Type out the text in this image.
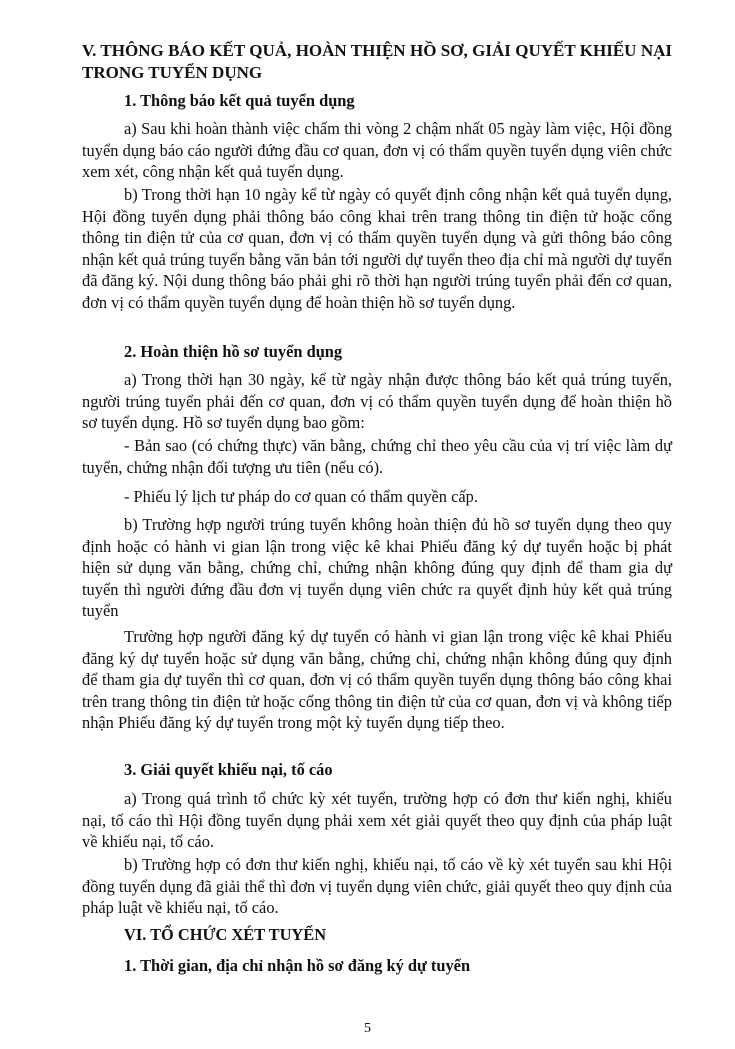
V. THÔNG BÁO KẾT QUẢ, HOÀN THIỆN HỒ SƠ, GIẢI QUYẾT KHIẾU NẠI TRONG TUYỂN DỤNG

1. Thông báo kết quả tuyển dụng

a) Sau khi hoàn thành việc chấm thi vòng 2 chậm nhất 05 ngày làm việc, Hội đồng tuyển dụng báo cáo người đứng đầu cơ quan, đơn vị có thẩm quyền tuyển dụng viên chức xem xét, công nhận kết quả tuyển dụng.

b) Trong thời hạn 10 ngày kể từ ngày có quyết định công nhận kết quả tuyển dụng, Hội đồng tuyển dụng phải thông báo công khai trên trang thông tin điện tử hoặc cổng thông tin điện tử của cơ quan, đơn vị có thẩm quyền tuyển dụng và gửi thông báo công nhận kết quả trúng tuyển bằng văn bản tới người dự tuyển theo địa chỉ mà người dự tuyển đã đăng ký. Nội dung thông báo phải ghi rõ thời hạn người trúng tuyển phải đến cơ quan, đơn vị có thẩm quyền tuyển dụng để hoàn thiện hồ sơ tuyển dụng.

2. Hoàn thiện hồ sơ tuyển dụng

a) Trong thời hạn 30 ngày, kể từ ngày nhận được thông báo kết quả trúng tuyển, người trúng tuyển phải đến cơ quan, đơn vị có thẩm quyền tuyển dụng để hoàn thiện hồ sơ tuyển dụng. Hồ sơ tuyển dụng bao gồm:

- Bản sao (có chứng thực) văn bằng, chứng chỉ theo yêu cầu của vị trí việc làm dự tuyển, chứng nhận đối tượng ưu tiên (nếu có).

- Phiếu lý lịch tư pháp do cơ quan có thẩm quyền cấp.

b) Trường hợp người trúng tuyển không hoàn thiện đủ hồ sơ tuyển dụng theo quy định hoặc có hành vi gian lận trong việc kê khai Phiếu đăng ký dự tuyển hoặc bị phát hiện sử dụng văn bằng, chứng chỉ, chứng nhận không đúng quy định để tham gia dự tuyển thì người đứng đầu đơn vị tuyển dụng viên chức ra quyết định hủy kết quả trúng tuyển

Trường hợp người đăng ký dự tuyển có hành vi gian lận trong việc kê khai Phiếu đăng ký dự tuyển hoặc sử dụng văn bằng, chứng chỉ, chứng nhận không đúng quy định để tham gia dự tuyển thì cơ quan, đơn vị có thẩm quyền tuyển dụng thông báo công khai trên trang thông tin điện tử hoặc cổng thông tin điện tử của cơ quan, đơn vị và không tiếp nhận Phiếu đăng ký dự tuyển trong một kỳ tuyển dụng tiếp theo.

3. Giải quyết khiếu nại, tố cáo

a) Trong quá trình tổ chức kỳ xét tuyển, trường hợp có đơn thư kiến nghị, khiếu nại, tố cáo thì Hội đồng tuyển dụng phải xem xét giải quyết theo quy định của pháp luật về khiếu nại, tố cáo.

b) Trường hợp có đơn thư kiến nghị, khiếu nại, tố cáo về kỳ xét tuyển sau khi Hội đồng tuyển dụng đã giải thể thì đơn vị tuyển dụng viên chức, giải quyết theo quy định của pháp luật về khiếu nại, tố cáo.

VI. TỔ CHỨC XÉT TUYỂN

1. Thời gian, địa chỉ nhận hồ sơ đăng ký dự tuyển

5
